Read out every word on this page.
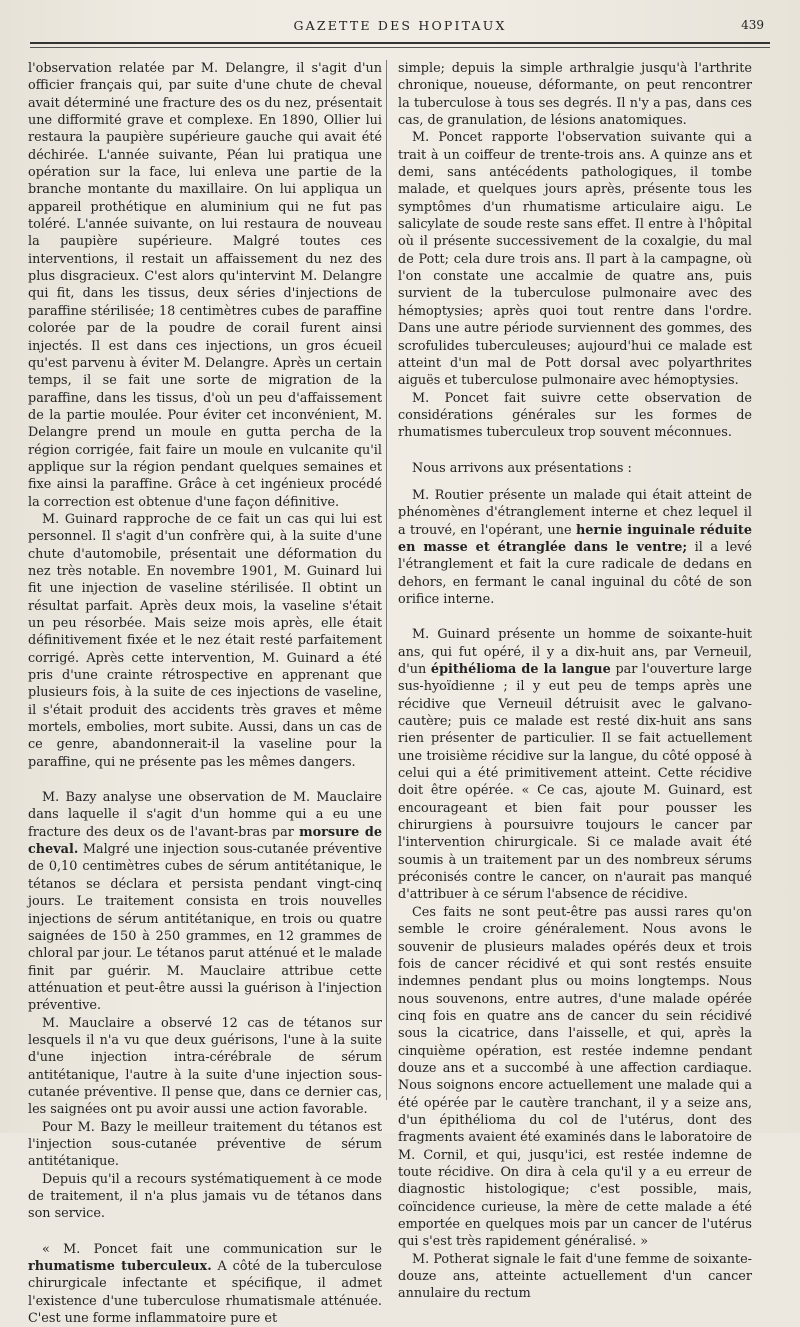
GAZETTE DES HOPITAUX	439

l'observation relatée par M. Delangre, il s'agit d'un officier français qui, par suite d'une chute de cheval avait déterminé une fracture des os du nez, présentait une difformité grave et complexe. En 1890, Ollier lui restaura la paupière supérieure gauche qui avait été déchirée. L'année suivante, Péan lui pratiqua une opération sur la face, lui enleva une partie de la branche montante du maxillaire. On lui appliqua un appareil prothétique en aluminium qui ne fut pas toléré. L'année suivante, on lui restaura de nouveau la paupière supérieure. Malgré toutes ces interventions, il restait un affaissement du nez des plus disgracieux. C'est alors qu'intervint M. Delangre qui fit, dans les tissus, deux séries d'injections de paraffine stérilisée; 18 centimètres cubes de paraffine colorée par de la poudre de corail furent ainsi injectés. Il est dans ces injections, un gros écueil qu'est parvenu à éviter M. Delangre. Après un certain temps, il se fait une sorte de migration de la paraffine, dans les tissus, d'où un peu d'affaissement de la partie moulée. Pour éviter cet inconvénient, M. Delangre prend un moule en gutta percha de la région corrigée, fait faire un moule en vulcanite qu'il applique sur la région pendant quelques semaines et fixe ainsi la paraffine. Grâce à cet ingénieux procédé la correction est obtenue d'une façon définitive.

M. Guinard rapproche de ce fait un cas qui lui est personnel. Il s'agit d'un confrère qui, à la suite d'une chute d'automobile, présentait une déformation du nez très notable. En novembre 1901, M. Guinard lui fit une injection de vaseline stérilisée. Il obtint un résultat parfait. Après deux mois, la vaseline s'était un peu résorbée. Mais seize mois après, elle était définitivement fixée et le nez était resté parfaitement corrigé. Après cette intervention, M. Guinard a été pris d'une crainte rétrospective en apprenant que plusieurs fois, à la suite de ces injections de vaseline, il s'était produit des accidents très graves et même mortels, embolies, mort subite. Aussi, dans un cas de ce genre, abandonnerait-il la vaseline pour la paraffine, qui ne présente pas les mêmes dangers.

M. Bazy analyse une observation de M. Mauclaire dans laquelle il s'agit d'un homme qui a eu une fracture des deux os de l'avant-bras par morsure de cheval. Malgré une injection sous-cutanée préventive de 0,10 centimètres cubes de sérum antitétanique, le tétanos se déclara et persista pendant vingt-cinq jours. Le traitement consista en trois nouvelles injections de sérum antitétanique, en trois ou quatre saignées de 150 à 250 grammes, en 12 grammes de chloral par jour. Le tétanos parut atténué et le malade finit par guérir. M. Mauclaire attribue cette atténuation et peut-être aussi la guérison à l'injection préventive.

M. Mauclaire a observé 12 cas de tétanos sur lesquels il n'a vu que deux guérisons, l'une à la suite d'une injection intra-cérébrale de sérum antitétanique, l'autre à la suite d'une injection sous-cutanée préventive. Il pense que, dans ce dernier cas, les saignées ont pu avoir aussi une action favorable.

Pour M. Bazy le meilleur traitement du tétanos est l'injection sous-cutanée préventive de sérum antitétanique.

Depuis qu'il a recours systématiquement à ce mode de traitement, il n'a plus jamais vu de tétanos dans son service.

« M. Poncet fait une communication sur le rhumatisme tuberculeux. A côté de la tuberculose chirurgicale infectante et spécifique, il admet l'existence d'une tuberculose rhumatismale atténuée. C'est une forme inflammatoire pure et

simple; depuis la simple arthralgie jusqu'à l'arthrite chronique, noueuse, déformante, on peut rencontrer la tuberculose à tous ses degrés. Il n'y a pas, dans ces cas, de granulation, de lésions anatomiques.

M. Poncet rapporte l'observation suivante qui a trait à un coiffeur de trente-trois ans. A quinze ans et demi, sans antécédents pathologiques, il tombe malade, et quelques jours après, présente tous les symptômes d'un rhumatisme articulaire aigu. Le salicylate de soude reste sans effet. Il entre à l'hôpital où il présente successivement de la coxalgie, du mal de Pott; cela dure trois ans. Il part à la campagne, où l'on constate une accalmie de quatre ans, puis survient de la tuberculose pulmonaire avec des hémoptysies; après quoi tout rentre dans l'ordre. Dans une autre période surviennent des gommes, des scrofulides tuberculeuses; aujourd'hui ce malade est atteint d'un mal de Pott dorsal avec polyarthrites aiguës et tuberculose pulmonaire avec hémoptysies.

M. Poncet fait suivre cette observation de considérations générales sur les formes de rhumatismes tuberculeux trop souvent méconnues.

Nous arrivons aux présentations :

M. Routier présente un malade qui était atteint de phénomènes d'étranglement interne et chez lequel il a trouvé, en l'opérant, une hernie inguinale réduite en masse et étranglée dans le ventre; il a levé l'étranglement et fait la cure radicale de dedans en dehors, en fermant le canal inguinal du côté de son orifice interne.

M. Guinard présente un homme de soixante-huit ans, qui fut opéré, il y a dix-huit ans, par Verneuil, d'un épithélioma de la langue par l'ouverture large sus-hyoïdienne ; il y eut peu de temps après une récidive que Verneuil détruisit avec le galvano-cautère; puis ce malade est resté dix-huit ans sans rien présenter de particulier. Il se fait actuellement une troisième récidive sur la langue, du côté opposé à celui qui a été primitivement atteint. Cette récidive doit être opérée. « Ce cas, ajoute M. Guinard, est encourageant et bien fait pour pousser les chirurgiens à poursuivre toujours le cancer par l'intervention chirurgicale. Si ce malade avait été soumis à un traitement par un des nombreux sérums préconisés contre le cancer, on n'aurait pas manqué d'attribuer à ce sérum l'absence de récidive.

Ces faits ne sont peut-être pas aussi rares qu'on semble le croire généralement. Nous avons le souvenir de plusieurs malades opérés deux et trois fois de cancer récidivé et qui sont restés ensuite indemnes pendant plus ou moins longtemps. Nous nous souvenons, entre autres, d'une malade opérée cinq fois en quatre ans de cancer du sein récidivé sous la cicatrice, dans l'aisselle, et qui, après la cinquième opération, est restée indemne pendant douze ans et a succombé à une affection cardiaque. Nous soignons encore actuellement une malade qui a été opérée par le cautère tranchant, il y a seize ans, d'un épithélioma du col de l'utérus, dont des fragments avaient été examinés dans le laboratoire de M. Cornil, et qui, jusqu'ici, est restée indemne de toute récidive. On dira à cela qu'il y a eu erreur de diagnostic histologique; c'est possible, mais, coïncidence curieuse, la mère de cette malade a été emportée en quelques mois par un cancer de l'utérus qui s'est très rapidement généralisé. »

M. Potherat signale le fait d'une femme de soixante-douze ans, atteinte actuellement d'un cancer annulaire du rectum
